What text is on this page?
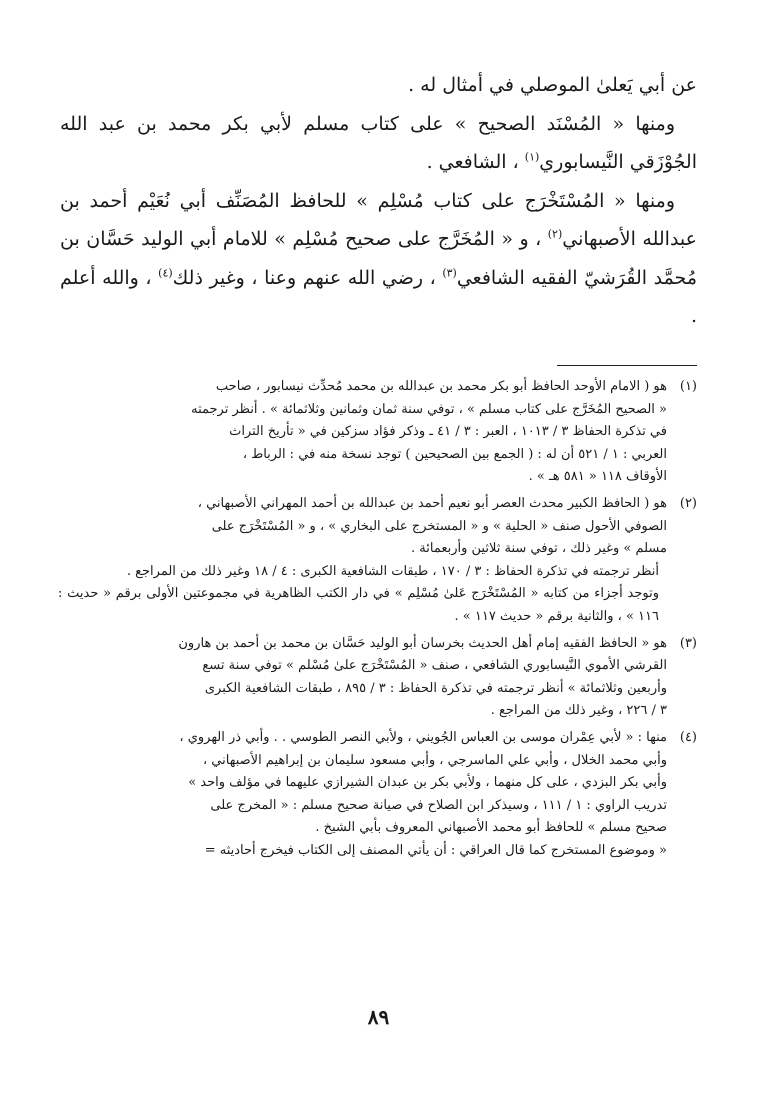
عن أبي يَعلىٰ الموصلي في أمثال له .

ومنها « المُسْنَد الصحيح » على كتاب مسلم لأبي بكر محمد بن عبد الله الجُوْزَقي النَّيسابوري$^{(١)}$ ، الشافعي .

ومنها « المُسْتَخْرَج على كتاب مُسْلِم » للحافظ المُصَنِّف أبي نُعَيْم أحمد بن عبدالله الأصبهاني$^{(٢)}$ ، و « المُخَرَّج على صحيح مُسْلِم » للامام أبي الوليد حَسَّان بن مُحمَّد القُرَشيّ الفقيه الشافعي$^{(٣)}$ ، رضي الله عنهم وعنا ، وغير ذلك$^{(٤)}$ ، والله أعلم .

(١)
هو ( الامام الأوحد الحافظ أبو بكر محمد بن عبدالله بن محمد مُحدِّث نيسابور ، صاحب
« الصحيح المُخَرَّج على كتاب مسلم » ، توفي سنة ثمان وثمانين وثلاثمائة » . أنظر ترجمته
في تذكرة الحفاظ ٣ / ١٠١٣ ، العبر : ٣ / ٤١ ـ وذكر فؤاد سزكين في « تأريخ التراث
العربي : ١ / ٥٢١ أن له : ( الجمع بين الصحيحين ) توجد نسخة منه في : الرباط ،
الأوقاف ١١٨ « ٥٨١ هـ » .
(٢)
هو ( الحافظ الكبير محدث العصر أبو نعيم أحمد بن عبدالله بن أحمد المهراني الأصبهاني ،
الصوفي الأحول صنف « الحلية » و « المستخرج على البخاري » ، و « المُسْتَخْرَج على
مسلم » وغير ذلك ، توفي سنة ثلاثين وأربعمائة .
أنظر ترجمته في تذكرة الحفاظ : ٣ / ١٧٠ ، طبقات الشافعية الكبرى : ٤ / ١٨ وغير ذلك من المراجع .
وتوجد أجزاء من كتابه « المُسْتَخْرَج عَلىٰ مُسْلِم » في دار الكتب الظاهرية في مجموعتين الأولى برقم « حديث : ١١٦ » ، والثانية برقم « حديث ١١٧ » .
(٣)
هو « الحافظ الفقيه إمام أهل الحديث بخرسان أبو الوليد حَسَّان بن محمد بن أحمد بن هارون
القرشي الأموي النَّيسابوري الشافعي ، صنف « المُسْتَخْرَج علىٰ مُسْلم » توفي سنة تسع
وأربعين وثلاثمائة » أنظر ترجمته في تذكرة الحفاظ : ٣ / ٨٩٥ ، طبقات الشافعية الكبرى
٣ / ٢٢٦ ، وغير ذلك من المراجع .
(٤)
منها : « لأبي عِمْران موسى بن العباس الجُويني ، ولأبي النصر الطوسي . . وأبي ذر الهروي ،
وأبي محمد الخلال ، وأبي علي الماسرجي ، وأبي مسعود سليمان بن إبراهيم الأصبهاني ،
وأبي بكر البزدي ، على كل منهما ، ولأبي بكر بن عبدان الشيرازي عليهما في مؤلف واحد »
تدريب الراوي : ١ / ١١١ ، وسيذكر ابن الصلاح في صيانة صحيح مسلم : « المخرج على
صحيح مسلم » للحافظ أبو محمد الأصبهاني المعروف بأبي الشيخ .
« وموضوع المستخرج كما قال العراقي : أن يأتي المصنف إلى الكتاب فيخرج أحاديثه =
٨٩
